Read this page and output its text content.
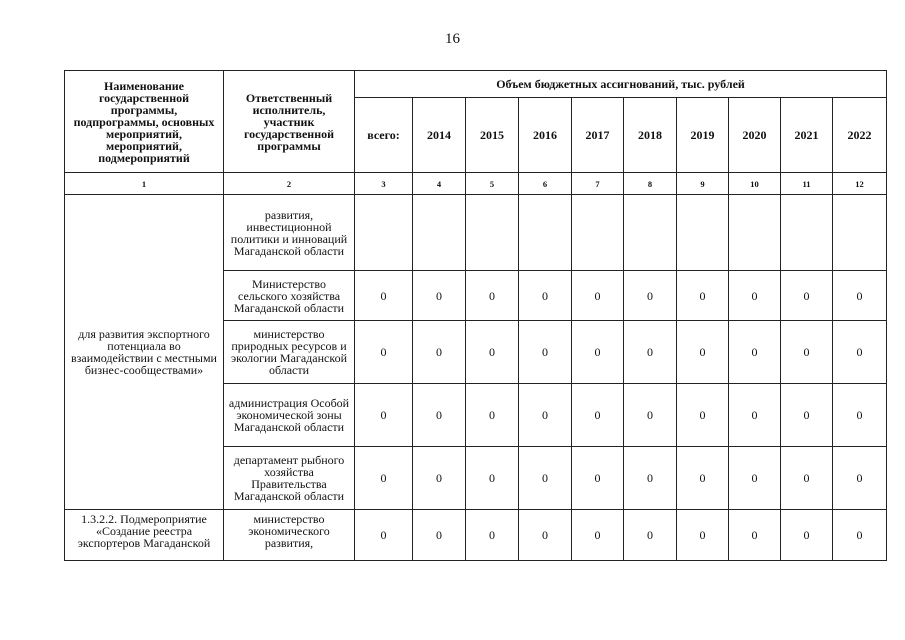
16
Наименование государственной программы, подпрограммы, основных мероприятий, мероприятий, подмероприятий	Ответственный исполнитель, участник государственной программы	Объем бюджетных ассигнований, тыс. рублей									
		всего:	2014	2015	2016	2017	2018	2019	2020	2021	2022
1	2	3	4	5	6	7	8	9	10	11	12
для развития экспортного потенциала во взаимодействии с местными бизнес-сообществами»	развития, инвестиционной политики и инноваций Магаданской области										
	Министерство сельского хозяйства Магаданской области	0	0	0	0	0	0	0	0	0	0
	министерство природных ресурсов и экологии Магаданской области	0	0	0	0	0	0	0	0	0	0
	администрация Особой экономической зоны Магаданской области	0	0	0	0	0	0	0	0	0	0
	департамент рыбного хозяйства Правительства Магаданской области	0	0	0	0	0	0	0	0	0	0
1.3.2.2. Подмероприятие «Создание реестра экспортеров Магаданской	министерство экономического развития,	0	0	0	0	0	0	0	0	0	0
